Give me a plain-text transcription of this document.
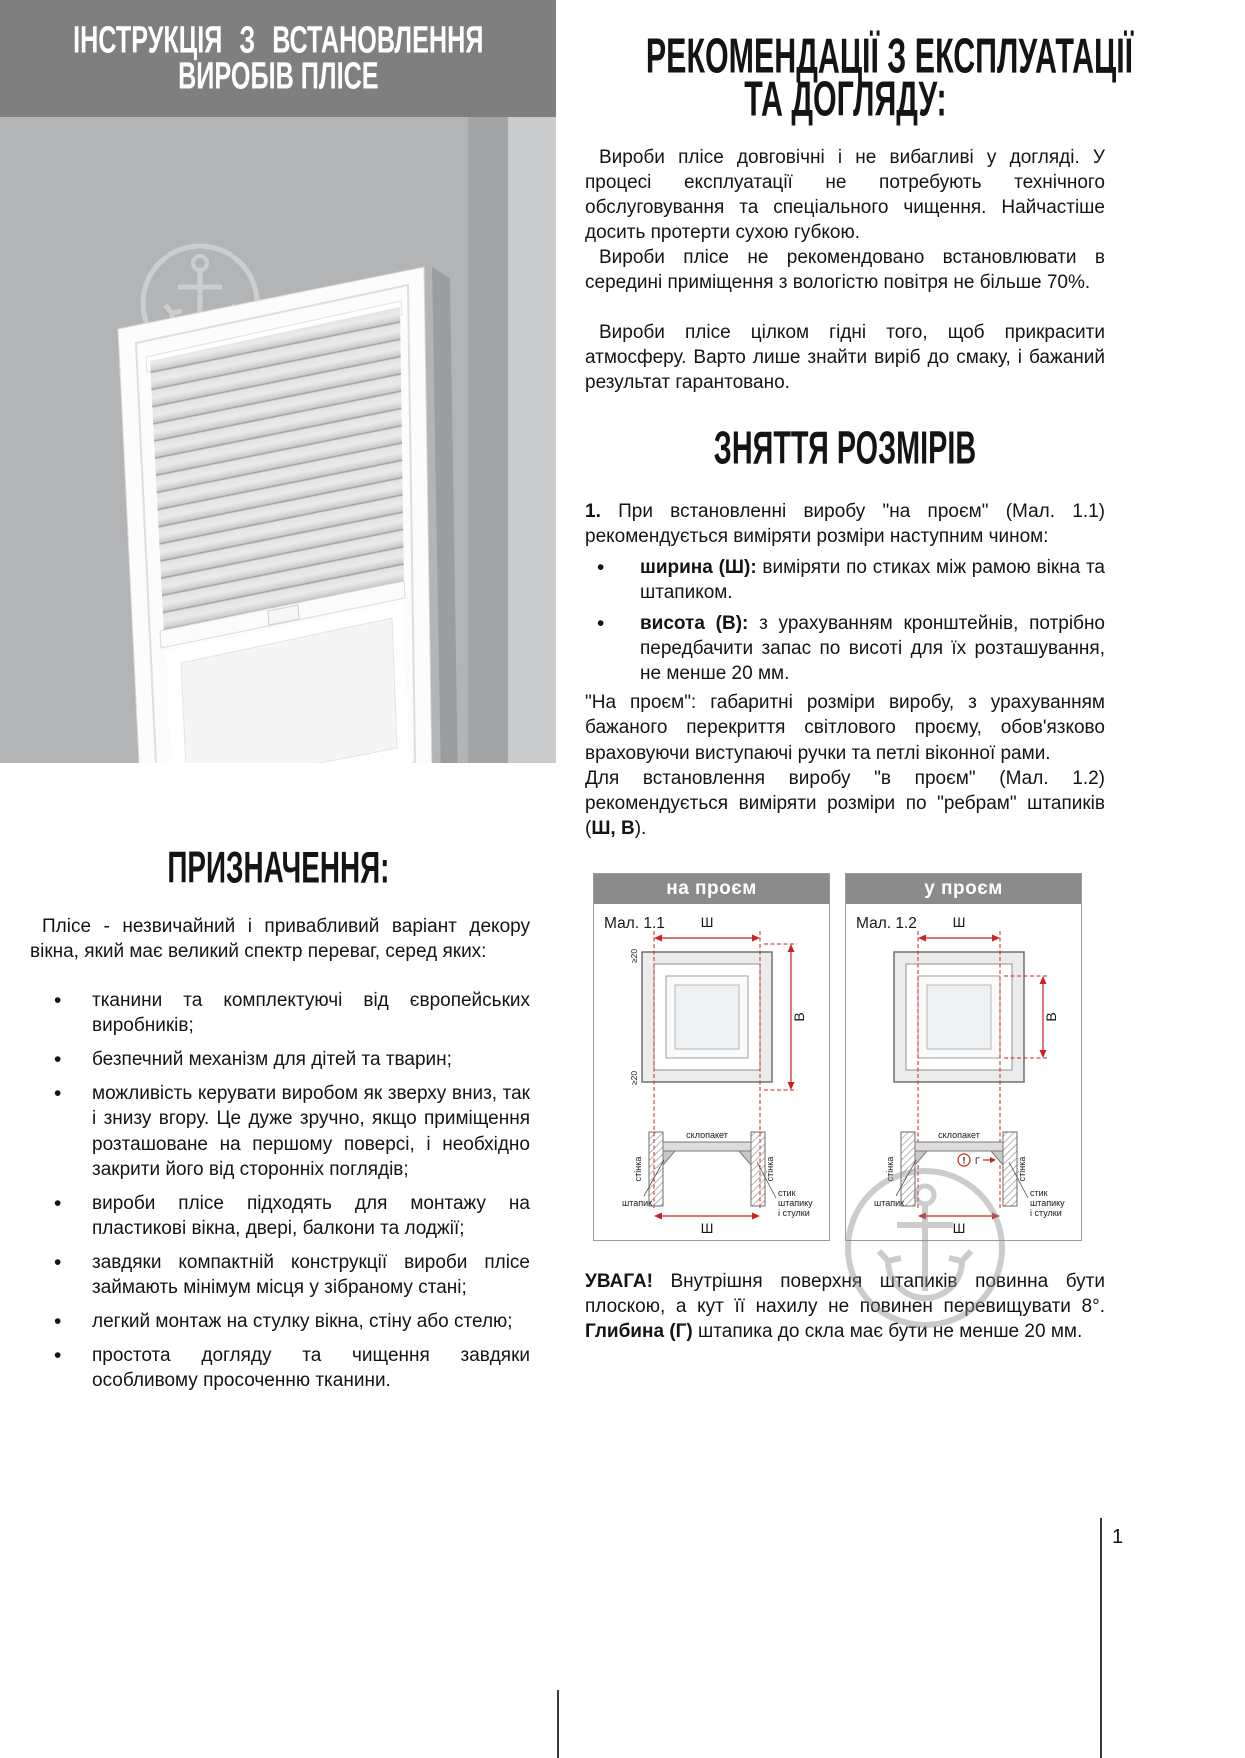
ІНСТРУКЦІЯ З ВСТАНОВЛЕННЯ
ВИРОБІВ ПЛІСЕ
ПРИЗНАЧЕННЯ:

Плісе - незвичайний і привабливий варіант декору вікна, який має великий спектр переваг, серед яких:

• тканини та комплектуючі від європейських виробників;
• безпечний механізм для дітей та тварин;
• можливість керувати виробом як зверху вниз, так і знизу вгору. Це дуже зручно, якщо приміщення розташоване на першому поверсі, і необхідно закрити його від сторонніх поглядів;
• вироби плісе підходять для монтажу на пластикові вікна, двері, балкони та лоджії;
• завдяки компактній конструкції вироби плісе займають мінімум місця у зібраному стані;
• легкий монтаж на стулку вікна, стіну або стелю;
• простота догляду та чищення завдяки особливому просоченню тканини.
РЕКОМЕНДАЦІЇ З ЕКСПЛУАТАЦІЇ
ТА ДОГЛЯДУ:

Вироби плісе довговічні і не вибагливі у догляді. У процесі експлуатації не потребують технічного обслуговування та спеціального чищення. Найчастіше досить протерти сухою губкою.

Вироби плісе не рекомендовано встановлювати в середині приміщення з вологістю повітря не більше 70%.

Вироби плісе цілком гідні того, щоб прикрасити атмосферу. Варто лише знайти виріб до смаку, і бажаний результат гарантовано.

ЗНЯТТЯ РОЗМІРІВ

1. При встановленні виробу "на проєм" (Мал. 1.1) рекомендується виміряти розміри наступним чином:

• ширина (Ш): виміряти по стиках між рамою вікна та штапиком.
• висота (В): з урахуванням кронштейнів, потрібно передбачити запас по висоті для їх розташування, не менше 20 мм.

"На проєм": габаритні розміри виробу, з урахуванням бажаного перекриття світлового проєму, обов'язково враховуючи виступаючі ручки та петлі віконної рами.

Для встановлення виробу "в проєм" (Мал. 1.2) рекомендується виміряти розміри по "ребрам" штапиків (Ш, В).

на проєм
Мал. 1.1	Ш
В
≥20
≥20
склопакет
стінка	стінка
штапик
Ш
стик
штапику
і стулки
у проєм
Мал. 1.2	Ш
В
склопакет
! Г
стінка	стінка
штапик
Ш
стик
штапику
і стулки

УВАГА! Внутрішня поверхня штапиків повинна бути плоскою, а кут її нахилу не повинен перевищувати 8°. Глибина (Г) штапика до скла має бути не менше 20 мм.

1
